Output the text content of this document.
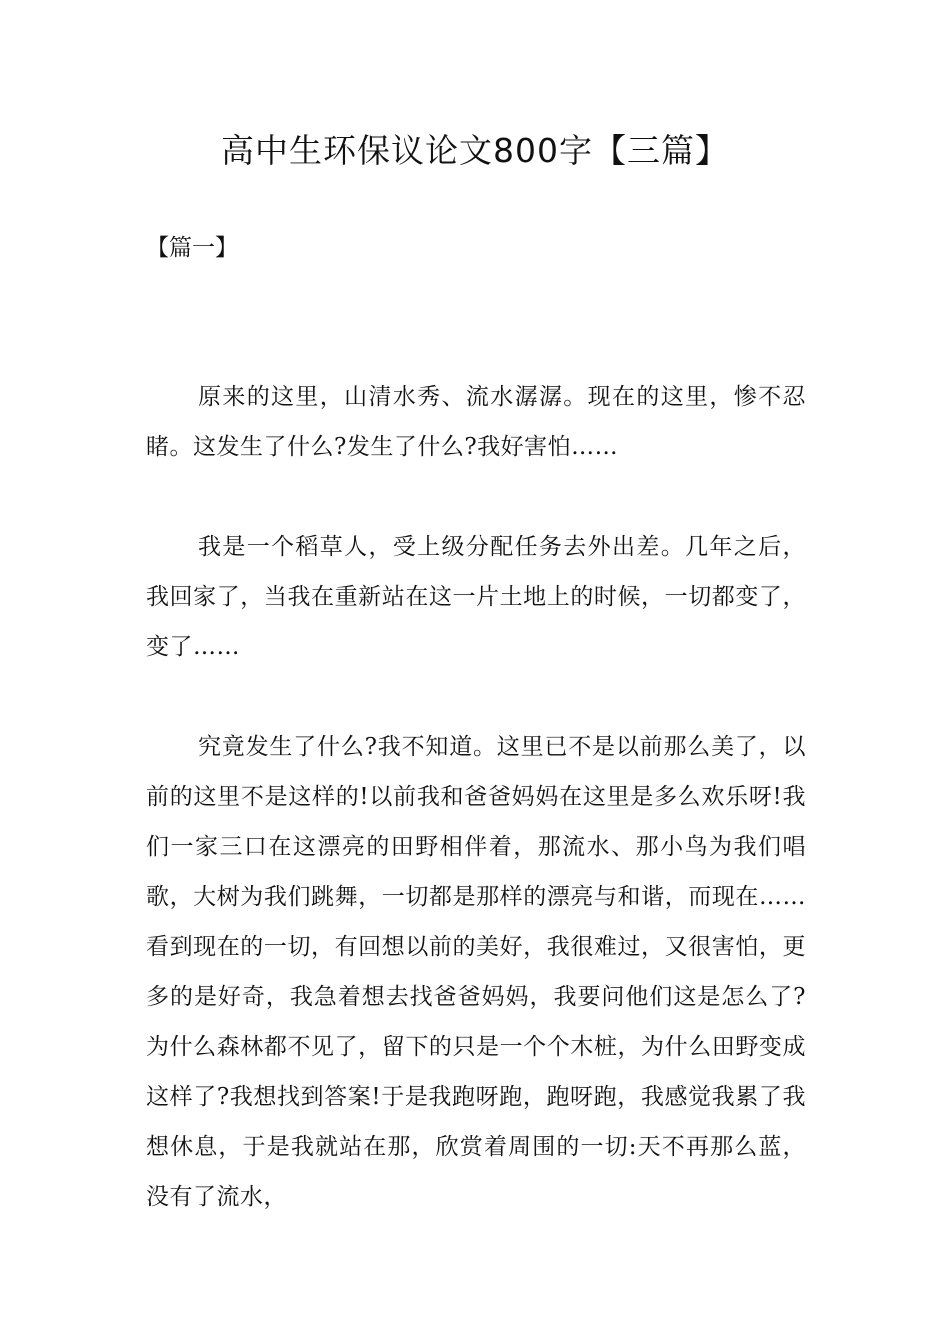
高中生环保议论文800字【三篇】
【篇一】

原来的这里，山清水秀、流水潺潺。现在的这里，惨不忍睹。这发生了什么?发生了什么?我好害怕……

我是一个稻草人，受上级分配任务去外出差。几年之后，我回家了，当我在重新站在这一片土地上的时候，一切都变了，变了……

究竟发生了什么?我不知道。这里已不是以前那么美了，以前的这里不是这样的!以前我和爸爸妈妈在这里是多么欢乐呀!我们一家三口在这漂亮的田野相伴着，那流水、那小鸟为我们唱歌，大树为我们跳舞，一切都是那样的漂亮与和谐，而现在……看到现在的一切，有回想以前的美好，我很难过，又很害怕，更多的是好奇，我急着想去找爸爸妈妈，我要问他们这是怎么了?为什么森林都不见了，留下的只是一个个木桩，为什么田野变成这样了?我想找到答案!于是我跑呀跑，跑呀跑，我感觉我累了我想休息，于是我就站在那，欣赏着周围的一切:天不再那么蓝，没有了流水，
